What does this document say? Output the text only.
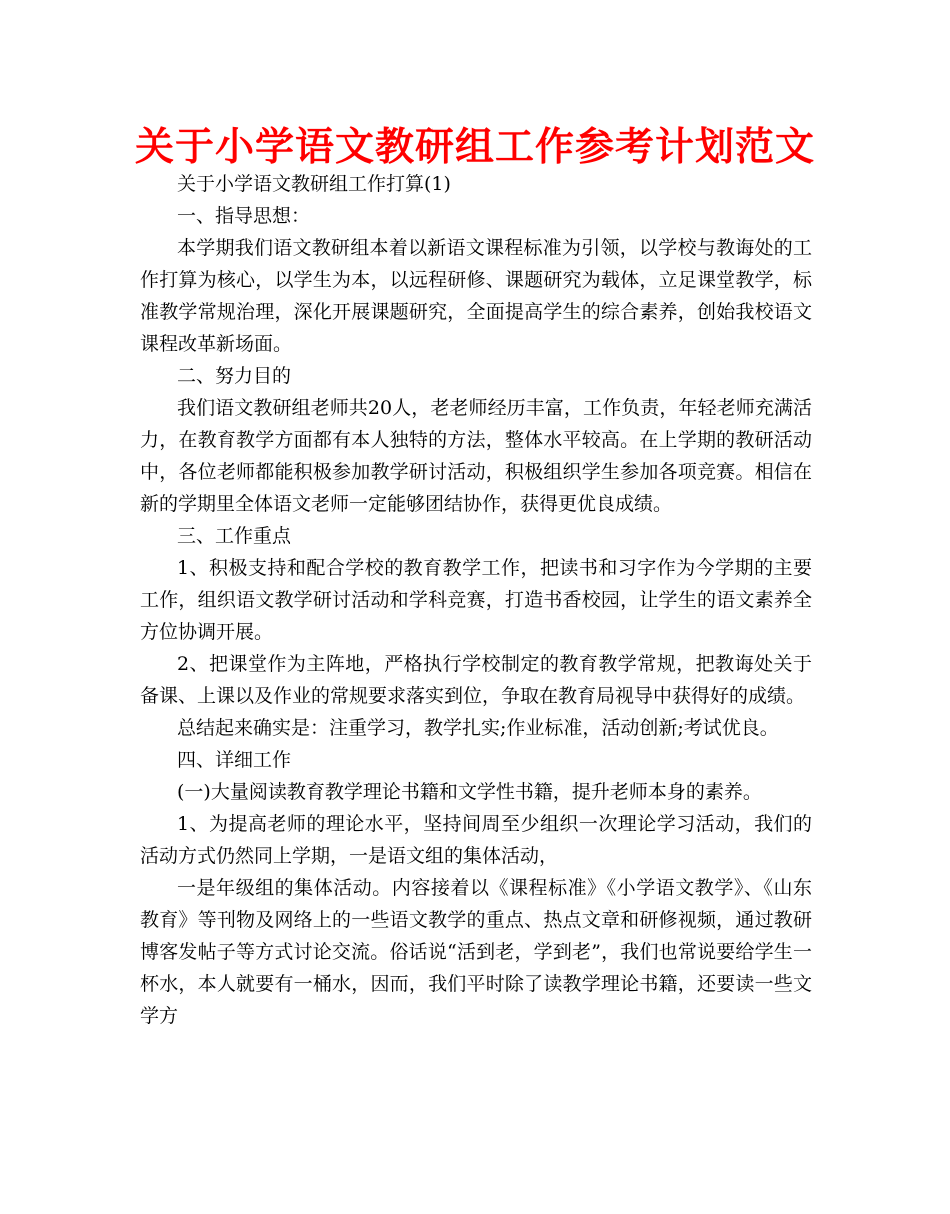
关于小学语文教研组工作参考计划范文

关于小学语文教研组工作打算(1)

一、指导思想：

本学期我们语文教研组本着以新语文课程标准为引领，以学校与教诲处的工作打算为核心，以学生为本，以远程研修、课题研究为载体，立足课堂教学，标准教学常规治理，深化开展课题研究，全面提高学生的综合素养，创始我校语文课程改革新场面。

二、努力目的

我们语文教研组老师共20人，老老师经历丰富，工作负责，年轻老师充满活力，在教育教学方面都有本人独特的方法，整体水平较高。在上学期的教研活动中，各位老师都能积极参加教学研讨活动，积极组织学生参加各项竞赛。相信在新的学期里全体语文老师一定能够团结协作，获得更优良成绩。

三、工作重点

1、积极支持和配合学校的教育教学工作，把读书和习字作为今学期的主要工作，组织语文教学研讨活动和学科竞赛，打造书香校园，让学生的语文素养全方位协调开展。

2、把课堂作为主阵地，严格执行学校制定的教育教学常规，把教诲处关于备课、上课以及作业的常规要求落实到位，争取在教育局视导中获得好的成绩。

总结起来确实是：注重学习，教学扎实;作业标准，活动创新;考试优良。

四、详细工作

(一)大量阅读教育教学理论书籍和文学性书籍，提升老师本身的素养。

1、为提高老师的理论水平，坚持间周至少组织一次理论学习活动，我们的活动方式仍然同上学期，一是语文组的集体活动，

一是年级组的集体活动。内容接着以《课程标准》《小学语文教学》、《山东教育》等刊物及网络上的一些语文教学的重点、热点文章和研修视频，通过教研博客发帖子等方式讨论交流。俗话说“活到老，学到老”，我们也常说要给学生一杯水，本人就要有一桶水，因而，我们平时除了读教学理论书籍，还要读一些文学方
